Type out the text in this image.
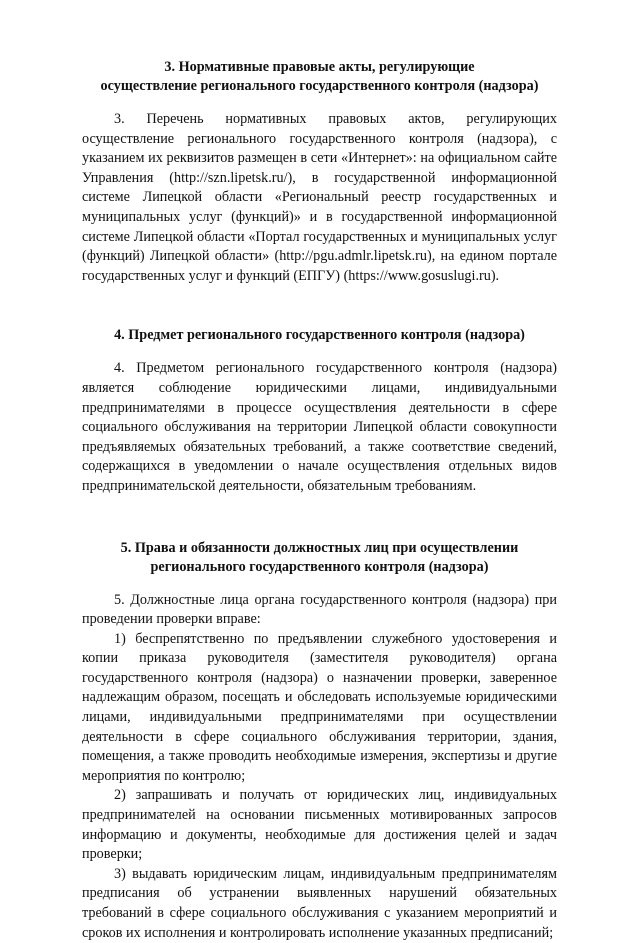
3. Нормативные правовые акты, регулирующие
осуществление регионального государственного контроля (надзора)

3. Перечень нормативных правовых актов, регулирующих осуществление регионального государственного контроля (надзора), с указанием их реквизитов размещен в сети «Интернет»: на официальном сайте Управления (http://szn.lipetsk.ru/), в государственной информационной системе Липецкой области «Региональный реестр государственных и муниципальных услуг (функций)» и в государственной информационной системе Липецкой области «Портал государственных и муниципальных услуг (функций) Липецкой области» (http://pgu.admlr.lipetsk.ru), на едином портале государственных услуг и функций (ЕПГУ) (https://www.gosuslugi.ru).

4. Предмет регионального государственного контроля (надзора)

4. Предметом регионального государственного контроля (надзора) является соблюдение юридическими лицами, индивидуальными предпринимателями в процессе осуществления деятельности в сфере социального обслуживания на территории Липецкой области совокупности предъявляемых обязательных требований, а также соответствие сведений, содержащихся в уведомлении о начале осуществления отдельных видов предпринимательской деятельности, обязательным требованиям.

5. Права и обязанности должностных лиц при осуществлении
регионального государственного контроля (надзора)

5. Должностные лица органа государственного контроля (надзора) при проведении проверки вправе:

1) беспрепятственно по предъявлении служебного удостоверения и копии приказа руководителя (заместителя руководителя) органа государственного контроля (надзора) о назначении проверки, заверенное надлежащим образом, посещать и обследовать используемые юридическими лицами, индивидуальными предпринимателями при осуществлении деятельности в сфере социального обслуживания территории, здания, помещения, а также проводить необходимые измерения, экспертизы и другие мероприятия по контролю;

2) запрашивать и получать от юридических лиц, индивидуальных предпринимателей на основании письменных мотивированных запросов информацию и документы, необходимые для достижения целей и задач проверки;

3) выдавать юридическим лицам, индивидуальным предпринимателям предписания об устранении выявленных нарушений обязательных требований в сфере социального обслуживания с указанием мероприятий и сроков их исполнения и контролировать исполнение указанных предписаний;
